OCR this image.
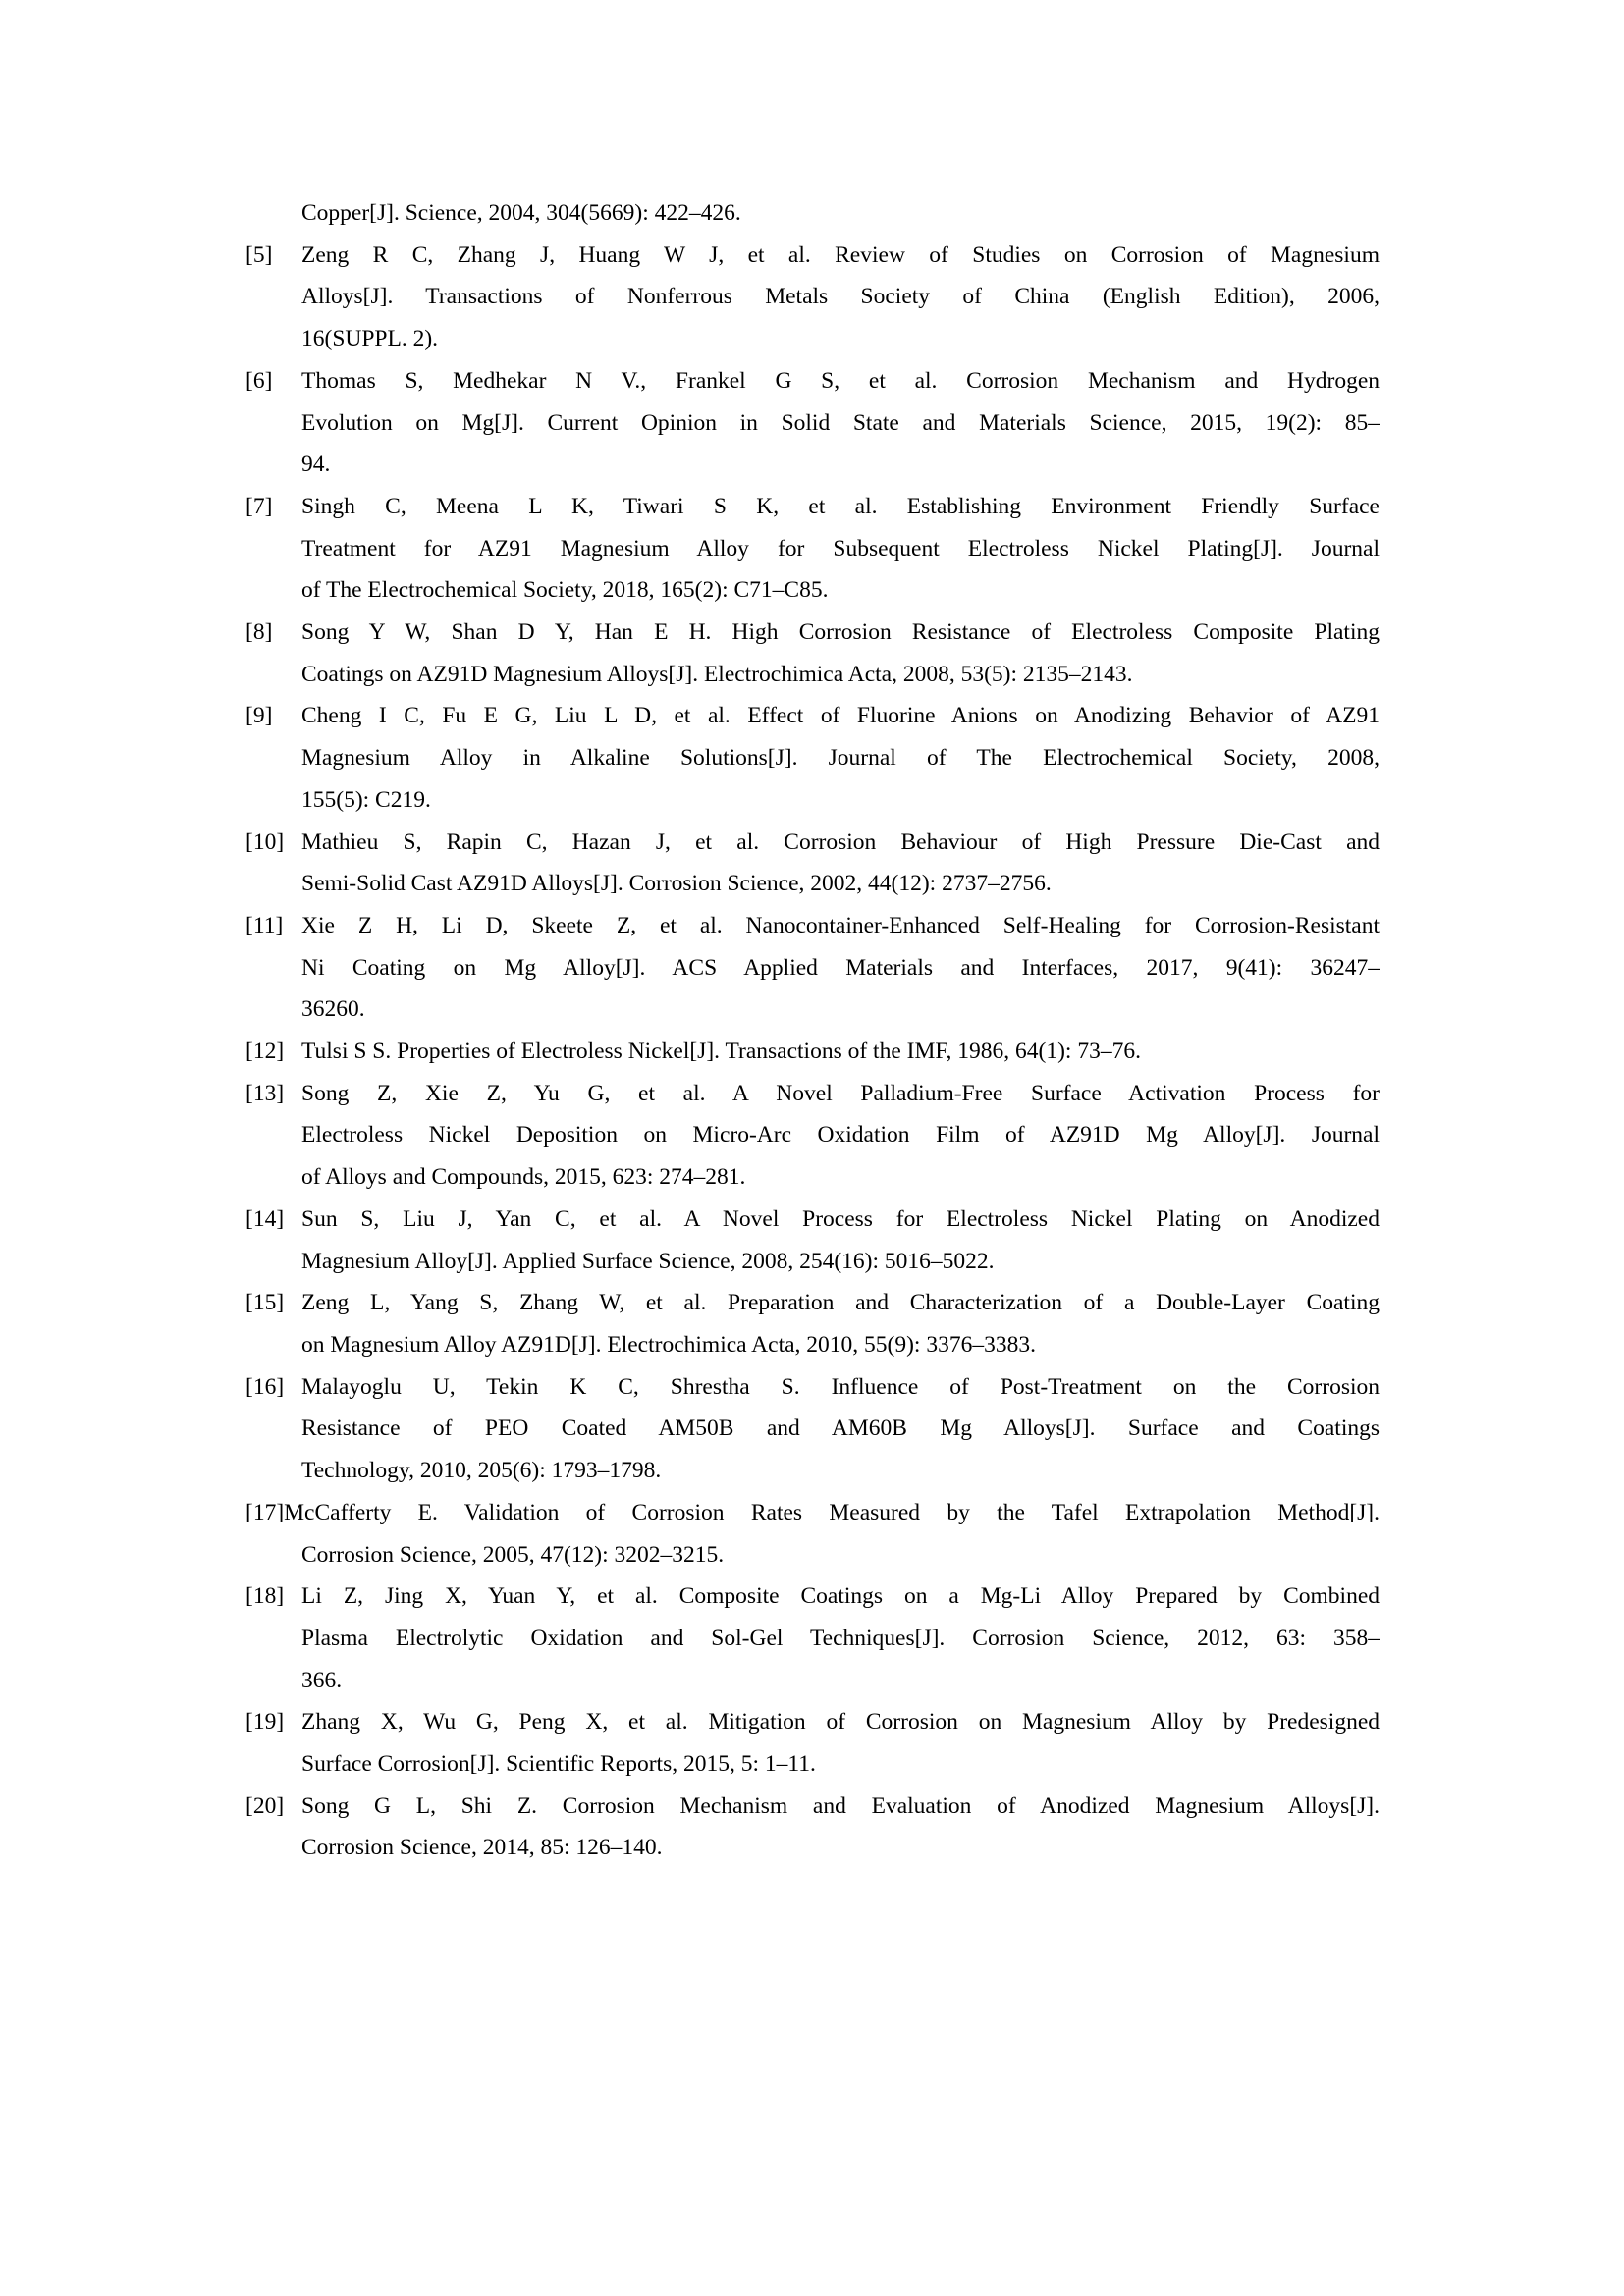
Copper[J]. Science, 2004, 304(5669): 422–426.
[5] Zeng R C, Zhang J, Huang W J, et al. Review of Studies on Corrosion of Magnesium
Alloys[J]. Transactions of Nonferrous Metals Society of China (English Edition), 2006,
16(SUPPL. 2).
[6] Thomas S, Medhekar N V., Frankel G S, et al. Corrosion Mechanism and Hydrogen
Evolution on Mg[J]. Current Opinion in Solid State and Materials Science, 2015, 19(2): 85–
94.
[7] Singh C, Meena L K, Tiwari S K, et al. Establishing Environment Friendly Surface
Treatment for AZ91 Magnesium Alloy for Subsequent Electroless Nickel Plating[J]. Journal
of The Electrochemical Society, 2018, 165(2): C71–C85.
[8] Song Y W, Shan D Y, Han E H. High Corrosion Resistance of Electroless Composite Plating
Coatings on AZ91D Magnesium Alloys[J]. Electrochimica Acta, 2008, 53(5): 2135–2143.
[9] Cheng I C, Fu E G, Liu L D, et al. Effect of Fluorine Anions on Anodizing Behavior of AZ91
Magnesium Alloy in Alkaline Solutions[J]. Journal of The Electrochemical Society, 2008,
155(5): C219.
[10] Mathieu S, Rapin C, Hazan J, et al. Corrosion Behaviour of High Pressure Die-Cast and
Semi-Solid Cast AZ91D Alloys[J]. Corrosion Science, 2002, 44(12): 2737–2756.
[11] Xie Z H, Li D, Skeete Z, et al. Nanocontainer-Enhanced Self-Healing for Corrosion-Resistant
Ni Coating on Mg Alloy[J]. ACS Applied Materials and Interfaces, 2017, 9(41): 36247–
36260.
[12] Tulsi S S. Properties of Electroless Nickel[J]. Transactions of the IMF, 1986, 64(1): 73–76.
[13] Song Z, Xie Z, Yu G, et al. A Novel Palladium-Free Surface Activation Process for
Electroless Nickel Deposition on Micro-Arc Oxidation Film of AZ91D Mg Alloy[J]. Journal
of Alloys and Compounds, 2015, 623: 274–281.
[14] Sun S, Liu J, Yan C, et al. A Novel Process for Electroless Nickel Plating on Anodized
Magnesium Alloy[J]. Applied Surface Science, 2008, 254(16): 5016–5022.
[15] Zeng L, Yang S, Zhang W, et al. Preparation and Characterization of a Double-Layer Coating
on Magnesium Alloy AZ91D[J]. Electrochimica Acta, 2010, 55(9): 3376–3383.
[16] Malayoglu U, Tekin K C, Shrestha S. Influence of Post-Treatment on the Corrosion
Resistance of PEO Coated AM50B and AM60B Mg Alloys[J]. Surface and Coatings
Technology, 2010, 205(6): 1793–1798.
[17]McCafferty E. Validation of Corrosion Rates Measured by the Tafel Extrapolation Method[J].
Corrosion Science, 2005, 47(12): 3202–3215.
[18] Li Z, Jing X, Yuan Y, et al. Composite Coatings on a Mg-Li Alloy Prepared by Combined
Plasma Electrolytic Oxidation and Sol-Gel Techniques[J]. Corrosion Science, 2012, 63: 358–
366.
[19] Zhang X, Wu G, Peng X, et al. Mitigation of Corrosion on Magnesium Alloy by Predesigned
Surface Corrosion[J]. Scientific Reports, 2015, 5: 1–11.
[20] Song G L, Shi Z. Corrosion Mechanism and Evaluation of Anodized Magnesium Alloys[J].
Corrosion Science, 2014, 85: 126–140.
